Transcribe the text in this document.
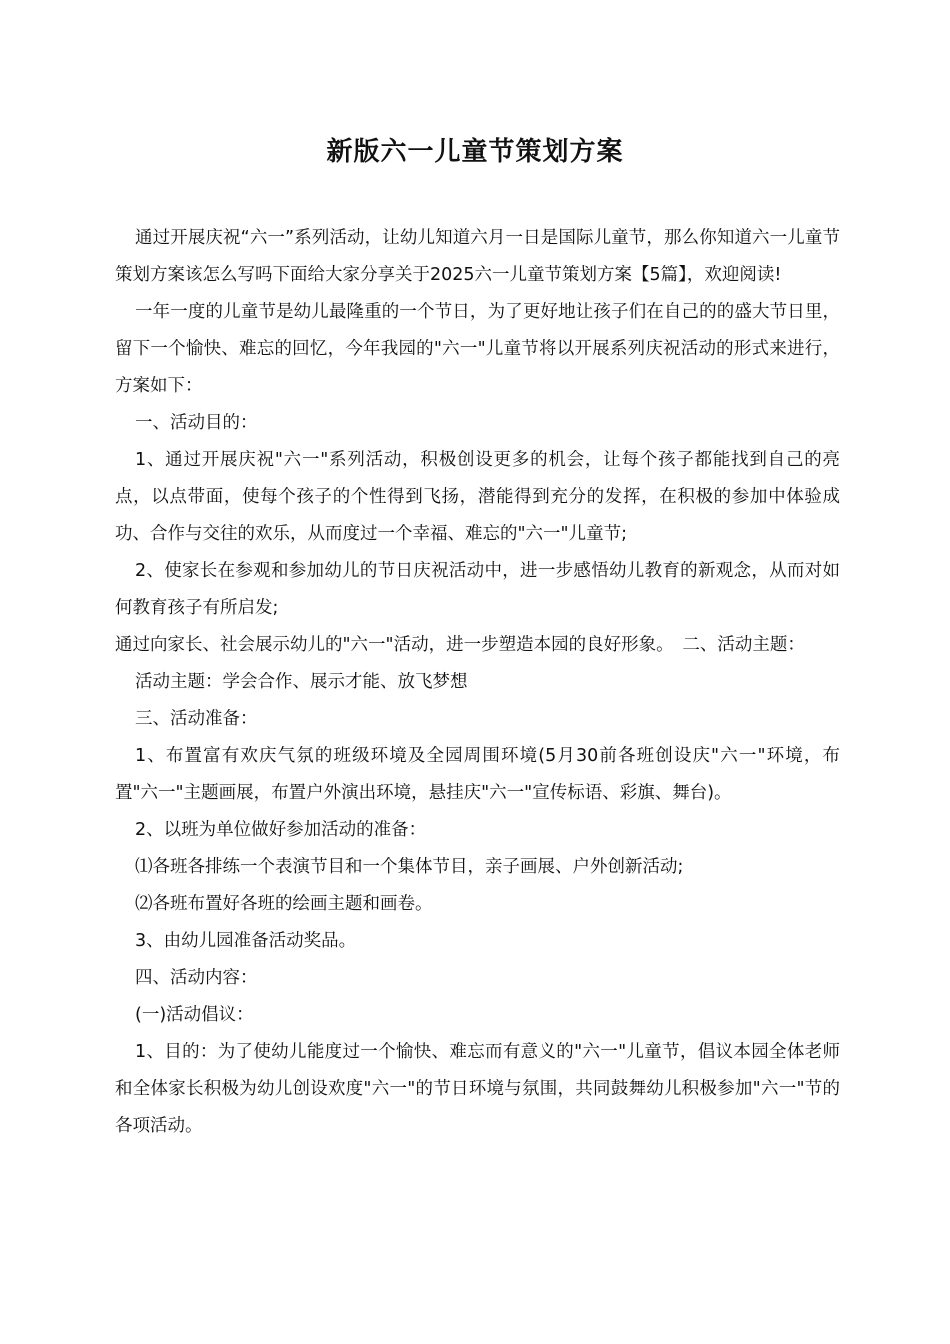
新版六一儿童节策划方案

通过开展庆祝“六一”系列活动，让幼儿知道六月一日是国际儿童节，那么你知道六一儿童节策划方案该怎么写吗下面给大家分享关于2025六一儿童节策划方案【5篇】，欢迎阅读!

一年一度的儿童节是幼儿最隆重的一个节日，为了更好地让孩子们在自己的的盛大节日里，留下一个愉快、难忘的回忆，今年我园的"六一"儿童节将以开展系列庆祝活动的形式来进行，方案如下：

一、活动目的：

1、通过开展庆祝"六一"系列活动，积极创设更多的机会，让每个孩子都能找到自己的亮点，以点带面，使每个孩子的个性得到飞扬，潜能得到充分的发挥，在积极的参加中体验成功、合作与交往的欢乐，从而度过一个幸福、难忘的"六一"儿童节;

2、使家长在参观和参加幼儿的节日庆祝活动中，进一步感悟幼儿教育的新观念，从而对如何教育孩子有所启发;

通过向家长、社会展示幼儿的"六一"活动，进一步塑造本园的良好形象。　二、活动主题：

活动主题：学会合作、展示才能、放飞梦想

三、活动准备：

1、布置富有欢庆气氛的班级环境及全园周围环境(5月30前各班创设庆"六一"环境，布置"六一"主题画展，布置户外演出环境，悬挂庆"六一"宣传标语、彩旗、舞台)。

2、以班为单位做好参加活动的准备：

⑴各班各排练一个表演节目和一个集体节目，亲子画展、户外创新活动;

⑵各班布置好各班的绘画主题和画卷。

3、由幼儿园准备活动奖品。

四、活动内容：

(一)活动倡议：

1、目的：为了使幼儿能度过一个愉快、难忘而有意义的"六一"儿童节，倡议本园全体老师和全体家长积极为幼儿创设欢度"六一"的节日环境与氛围，共同鼓舞幼儿积极参加"六一"节的各项活动。
